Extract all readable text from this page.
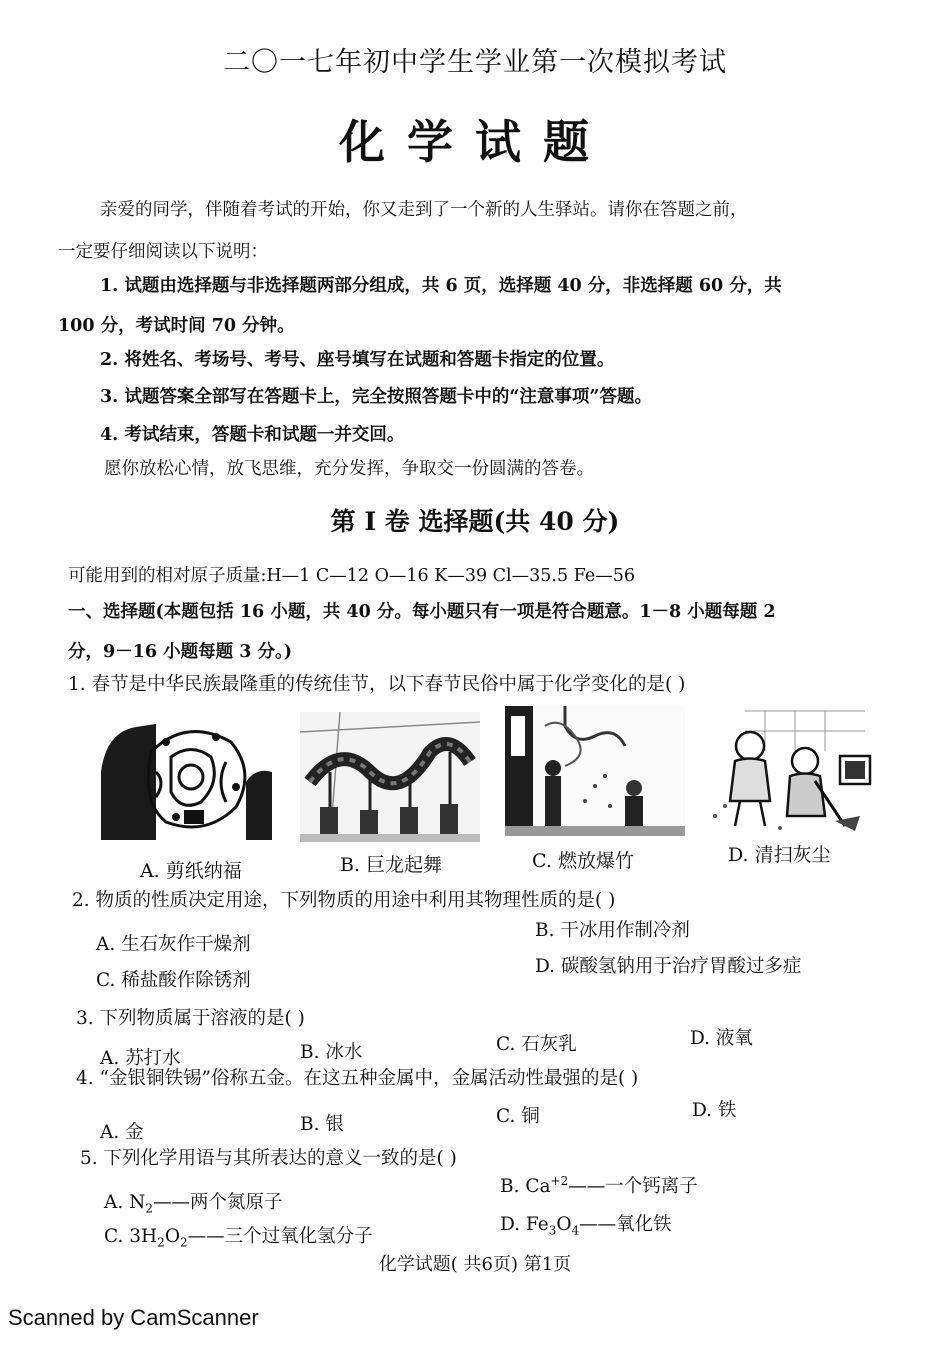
二〇一七年初中学生学业第一次模拟考试
化学试题
亲爱的同学，伴随着考试的开始，你又走到了一个新的人生驿站。请你在答题之前，
一定要仔细阅读以下说明：
1. 试题由选择题与非选择题两部分组成，共 6 页，选择题 40 分，非选择题 60 分，共
100 分，考试时间 70 分钟。
2. 将姓名、考场号、考号、座号填写在试题和答题卡指定的位置。
3. 试题答案全部写在答题卡上，完全按照答题卡中的“注意事项”答题。
4. 考试结束，答题卡和试题一并交回。
愿你放松心情，放飞思维，充分发挥，争取交一份圆满的答卷。
第 I 卷 选择题(共 40 分)
可能用到的相对原子质量:H—1 C—12 O—16 K—39 Cl—35.5 Fe—56
一、选择题(本题包括 16 小题，共 40 分。每小题只有一项是符合题意。1－8 小题每题 2
分，9－16 小题每题 3 分。)
1. 春节是中华民族最隆重的传统佳节，以下春节民俗中属于化学变化的是( )
A. 剪纸纳福	B. 巨龙起舞	C. 燃放爆竹	D. 清扫灰尘
2. 物质的性质决定用途，下列物质的用途中利用其物理性质的是( )
A. 生石灰作干燥剂
B. 干冰用作制冷剂
C. 稀盐酸作除锈剂
D. 碳酸氢钠用于治疗胃酸过多症
3. 下列物质属于溶液的是( )
A. 苏打水	B. 冰水	C. 石灰乳	D. 液氧
4. “金银铜铁锡”俗称五金。在这五种金属中，金属活动性最强的是( )
A. 金	B. 银	C. 铜	D. 铁
5. 下列化学用语与其所表达的意义一致的是( )
A. $N_2——$两个氮原子
B. $Ca^{+2}——$一个钙离子
C. $3H_2O_2——$三个过氧化氢分子
D. $Fe_3O_4——$氧化铁
化学试题( 共6页) 第1页
Scanned by CamScanner
